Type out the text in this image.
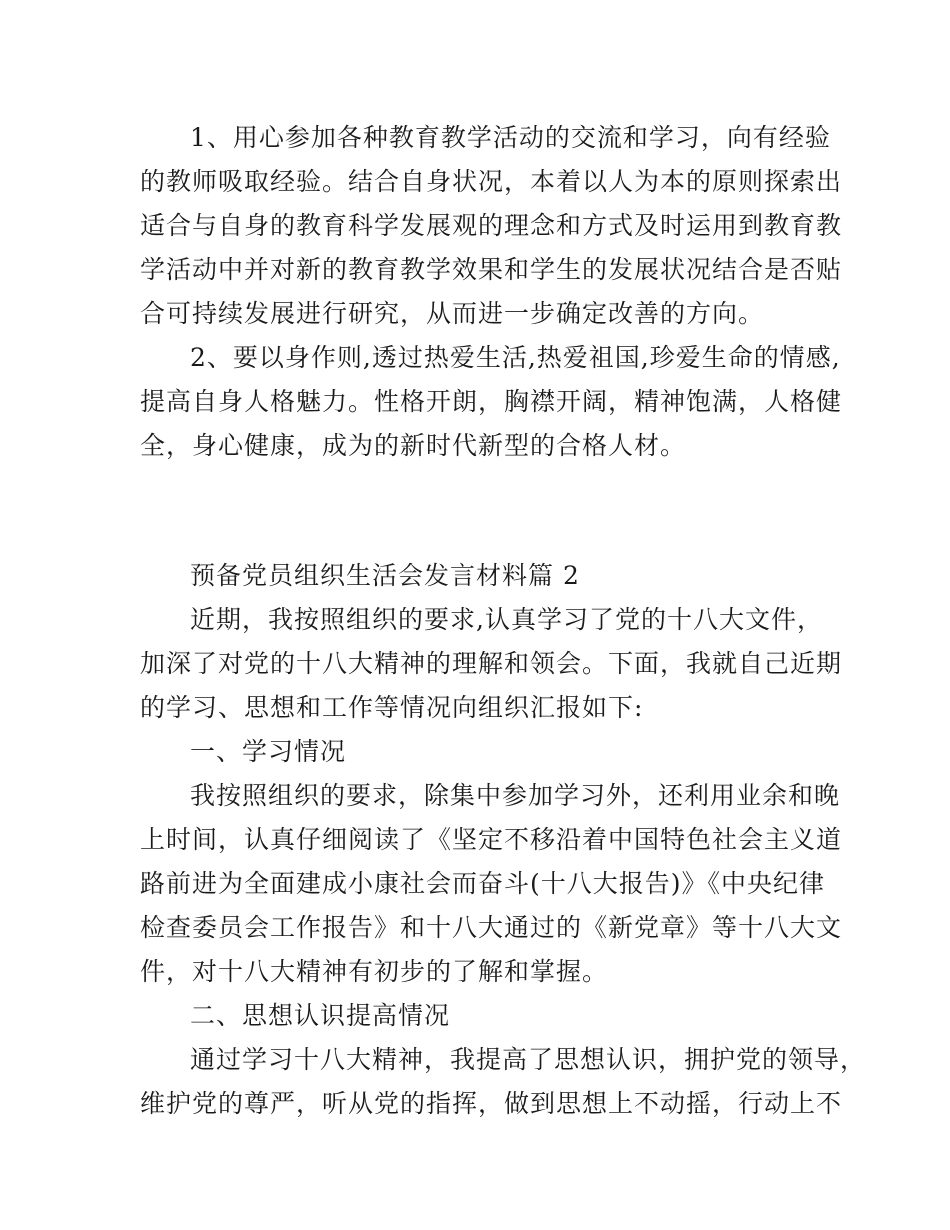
1、用心参加各种教育教学活动的交流和学习，向有经验
的教师吸取经验。结合自身状况，本着以人为本的原则探索出
适合与自身的教育科学发展观的理念和方式及时运用到教育教
学活动中并对新的教育教学效果和学生的发展状况结合是否贴
合可持续发展进行研究，从而进一步确定改善的方向。
2、要以身作则,透过热爱生活,热爱祖国,珍爱生命的情感,
提高自身人格魅力。性格开朗，胸襟开阔，精神饱满，人格健
全，身心健康，成为的新时代新型的合格人材。
预备党员组织生活会发言材料篇 2
近期，我按照组织的要求,认真学习了党的十八大文件，
加深了对党的十八大精神的理解和领会。下面，我就自己近期
的学习、思想和工作等情况向组织汇报如下:
一、学习情况
我按照组织的要求，除集中参加学习外，还利用业余和晚
上时间，认真仔细阅读了《坚定不移沿着中国特色社会主义道
路前进为全面建成小康社会而奋斗(十八大报告)》《中央纪律
检查委员会工作报告》和十八大通过的《新党章》等十八大文
件，对十八大精神有初步的了解和掌握。
二、思想认识提高情况
通过学习十八大精神，我提高了思想认识，拥护党的领导，
维护党的尊严，听从党的指挥，做到思想上不动摇，行动上不
